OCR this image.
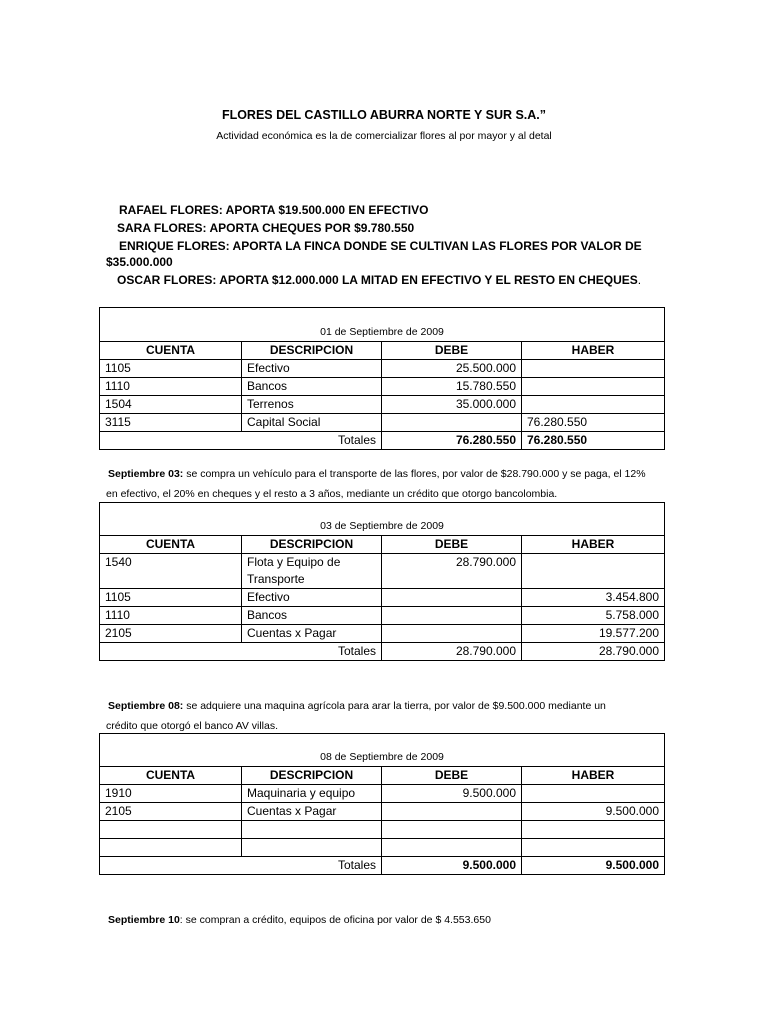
FLORES DEL CASTILLO ABURRA NORTE Y SUR S.A.”
Actividad económica es la de comercializar flores al por mayor y al detal
RAFAEL FLORES: APORTA $19.500.000 EN EFECTIVO
SARA FLORES: APORTA CHEQUES POR $9.780.550
ENRIQUE FLORES: APORTA LA FINCA DONDE SE CULTIVAN LAS FLORES POR VALOR DE
$35.000.000
OSCAR FLORES: APORTA $12.000.000 LA MITAD EN EFECTIVO Y EL RESTO EN CHEQUES.
01 de Septiembre de 2009			
CUENTA	DESCRIPCION	DEBE	HABER
1105	Efectivo	25.500.000	
1110	Bancos	15.780.550	
1504	Terrenos	35.000.000	
3115	Capital Social		76.280.550
	Totales	76.280.550	76.280.550
Septiembre 03: se compra un vehículo para el transporte de las flores, por valor de $28.790.000 y se paga, el 12%
en efectivo, el 20% en cheques y el resto a 3 años, mediante un crédito que otorgo bancolombia.
03 de Septiembre de 2009			
CUENTA	DESCRIPCION	DEBE	HABER
1540	Flota y Equipo de Transporte	28.790.000	
1105	Efectivo		3.454.800
1110	Bancos		5.758.000
2105	Cuentas x Pagar		19.577.200
	Totales	28.790.000	28.790.000
Septiembre 08: se adquiere una maquina agrícola para arar la tierra, por valor de $9.500.000 mediante un
crédito que otorgó el banco AV villas.
08 de Septiembre de 2009			
CUENTA	DESCRIPCION	DEBE	HABER
1910	Maquinaria y equipo	9.500.000	
2105	Cuentas x Pagar		9.500.000

	Totales	9.500.000	9.500.000
Septiembre 10: se compran a crédito, equipos de oficina por valor de $ 4.553.650
